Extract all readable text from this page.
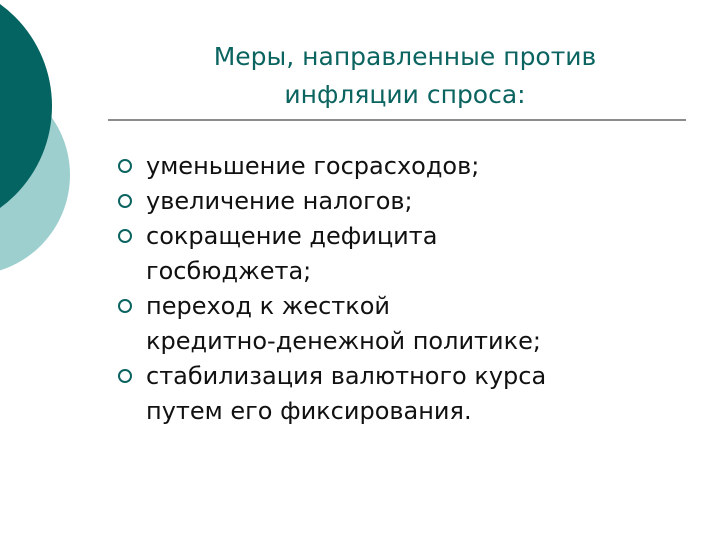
Меры, направленные против
инфляции спроса:
уменьшение госрасходов;
увеличение налогов;
сокращение дефицита
госбюджета;
переход к жесткой
кредитно-денежной политике;
стабилизация валютного курса
путем его фиксирования.
